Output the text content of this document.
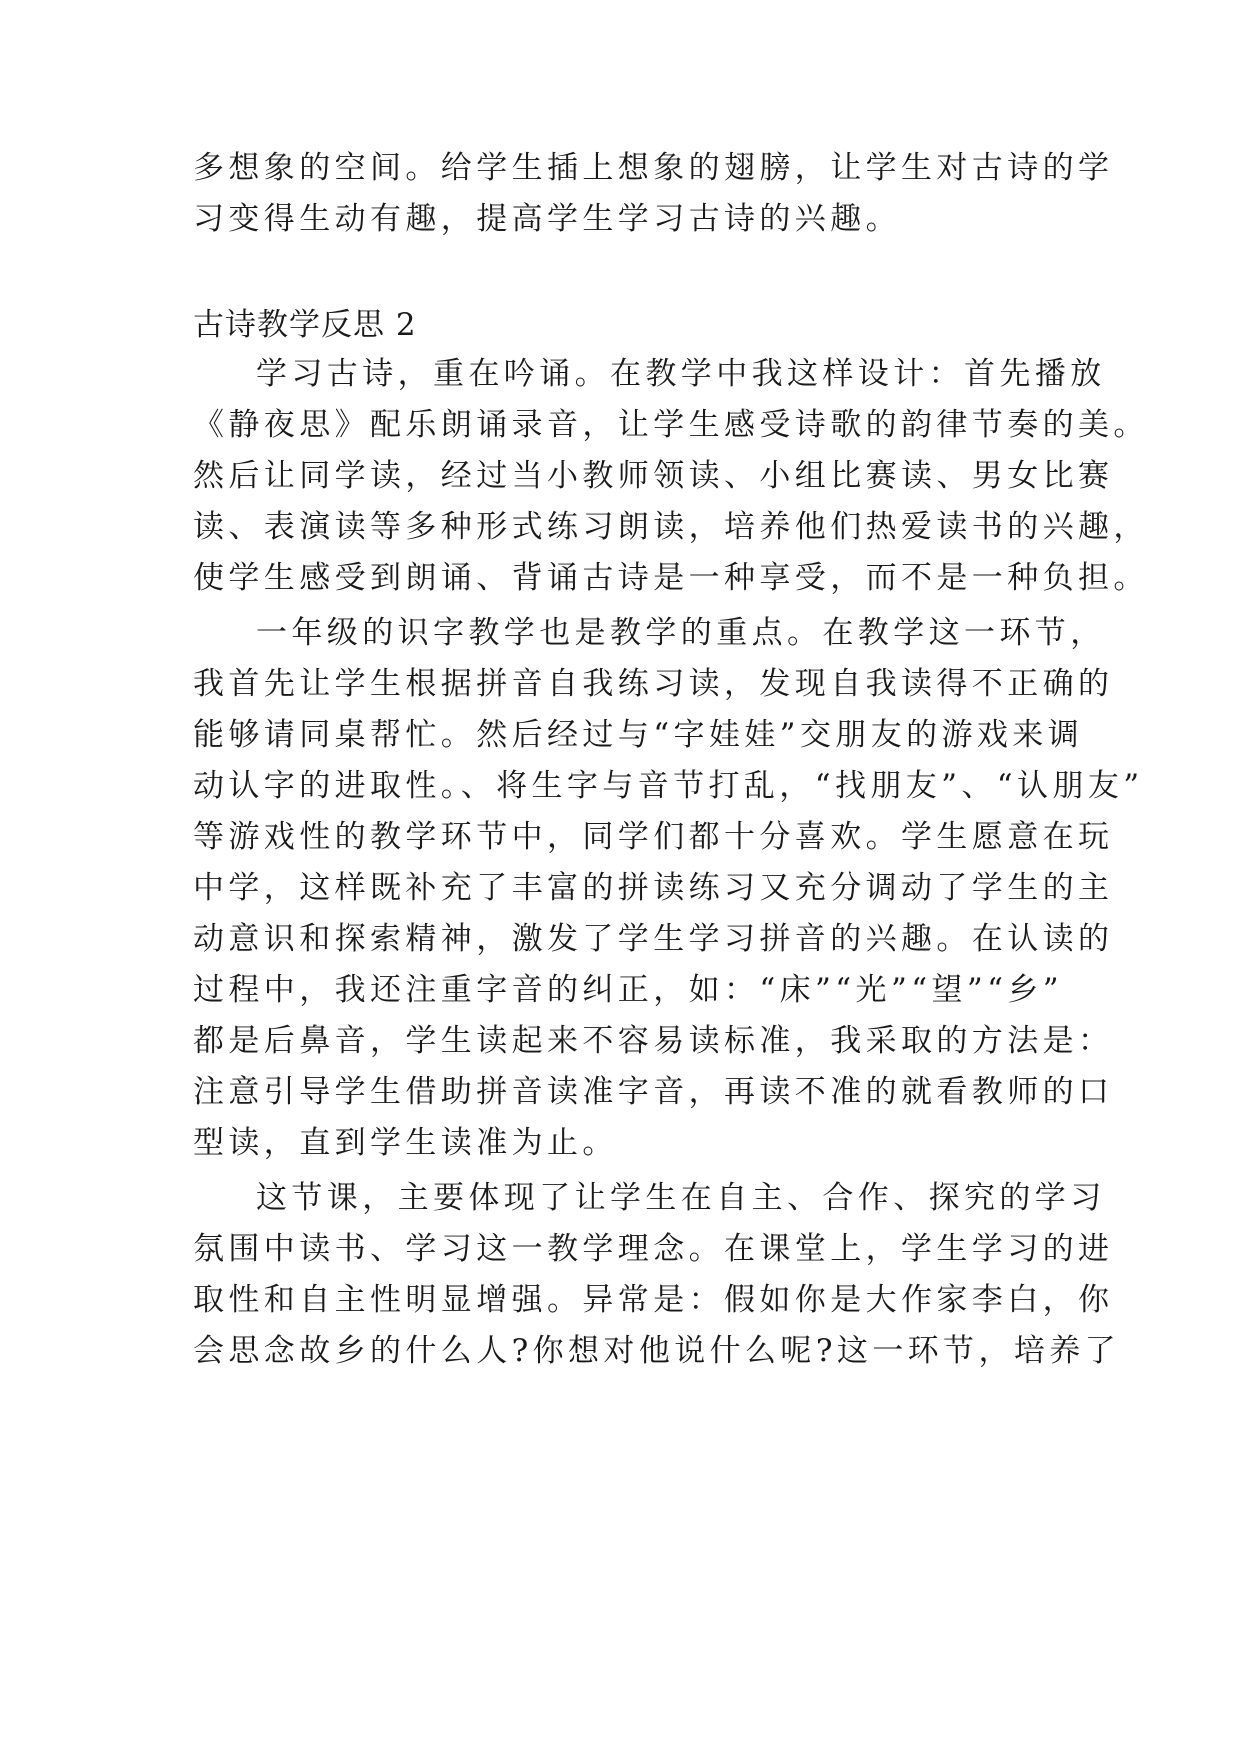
多想象的空间。给学生插上想象的翅膀，让学生对古诗的学
习变得生动有趣，提高学生学习古诗的兴趣。
古诗教学反思 2
学习古诗，重在吟诵。在教学中我这样设计：首先播放
《静夜思》配乐朗诵录音，让学生感受诗歌的韵律节奏的美。
然后让同学读，经过当小教师领读、小组比赛读、男女比赛
读、表演读等多种形式练习朗读，培养他们热爱读书的兴趣，
使学生感受到朗诵、背诵古诗是一种享受，而不是一种负担。
一年级的识字教学也是教学的重点。在教学这一环节，
我首先让学生根据拼音自我练习读，发现自我读得不正确的
能够请同桌帮忙。然后经过与“字娃娃”交朋友的游戏来调
动认字的进取性。、将生字与音节打乱，“找朋友”、“认朋友”
等游戏性的教学环节中，同学们都十分喜欢。学生愿意在玩
中学，这样既补充了丰富的拼读练习又充分调动了学生的主
动意识和探索精神，激发了学生学习拼音的兴趣。在认读的
过程中，我还注重字音的纠正，如：“床”“光”“望”“乡”
都是后鼻音，学生读起来不容易读标准，我采取的方法是：
注意引导学生借助拼音读准字音，再读不准的就看教师的口
型读，直到学生读准为止。
这节课，主要体现了让学生在自主、合作、探究的学习
氛围中读书、学习这一教学理念。在课堂上，学生学习的进
取性和自主性明显增强。异常是：假如你是大作家李白，你
会思念故乡的什么人?你想对他说什么呢?这一环节，培养了
